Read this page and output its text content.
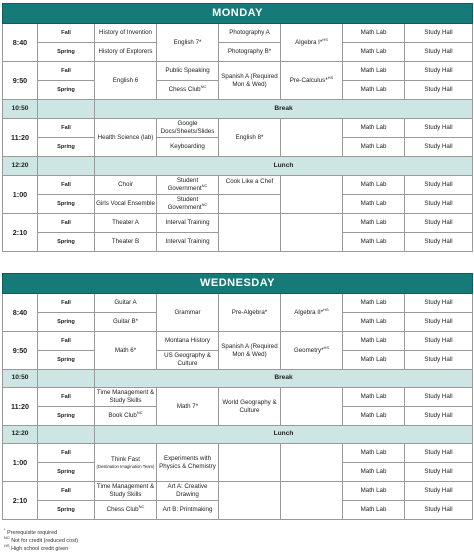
MONDAY							
8:40	Fall	History of Invention	English 7*	Photography A	Algebra I*$^{HS}$	Math Lab	Study Hall
	Spring	History of Explorers		Photography B*		Math Lab	Study Hall
9:50	Fall	English 6	Public Speaking	Spanish A (Required Mon & Wed)	Pre-Calculus*$^{HS}$	Math Lab	Study Hall
	Spring		Chess Club$^{NC}$			Math Lab	Study Hall
10:50		Break					
11:20	Fall	Health Science (lab)	Google Docs/Sheets/Slides	English 8*		Math Lab	Study Hall
	Spring		Keyboarding			Math Lab	Study Hall
12:20		Lunch					
1:00	Fall	Choir	Student Government$^{NC}$	Cook Like a Chef		Math Lab	Study Hall
	Spring	Girls Vocal Ensemble	Student Government$^{NC}$			Math Lab	Study Hall
2:10	Fall	Theater A	Interval Training			Math Lab	Study Hall
	Spring	Theater B	Interval Training			Math Lab	Study Hall
WEDNESDAY							
8:40	Fall	Guitar A	Grammar	Pre-Algebra*	Algebra II*$^{HS}$	Math Lab	Study Hall
	Spring	Guitar B*				Math Lab	Study Hall
9:50	Fall	Math 6*	Montana History	Spanish A (Required Mon & Wed)	Geometry*$^{HS}$	Math Lab	Study Hall
	Spring		US Geography & Culture			Math Lab	Study Hall
10:50		Break					
11:20	Fall	Time Management & Study Skills	Math 7*	World Geography & Culture		Math Lab	Study Hall
	Spring	Book Club$^{NC}$				Math Lab	Study Hall
12:20		Lunch					
1:00	Fall	Think Fast
(Destination Imagination Team)	Experiments with Physics & Chemistry			Math Lab	Study Hall
	Spring					Math Lab	Study Hall
2:10	Fall	Time Management & Study Skills	Art A: Creative Drawing			Math Lab	Study Hall
	Spring	Chess Club$^{NC}$	Art B: Printmaking			Math Lab	Study Hall
* Prerequisite required
$^{NC}$ Not for credit (reduced cost)
$^{HS}$ High school credit given
